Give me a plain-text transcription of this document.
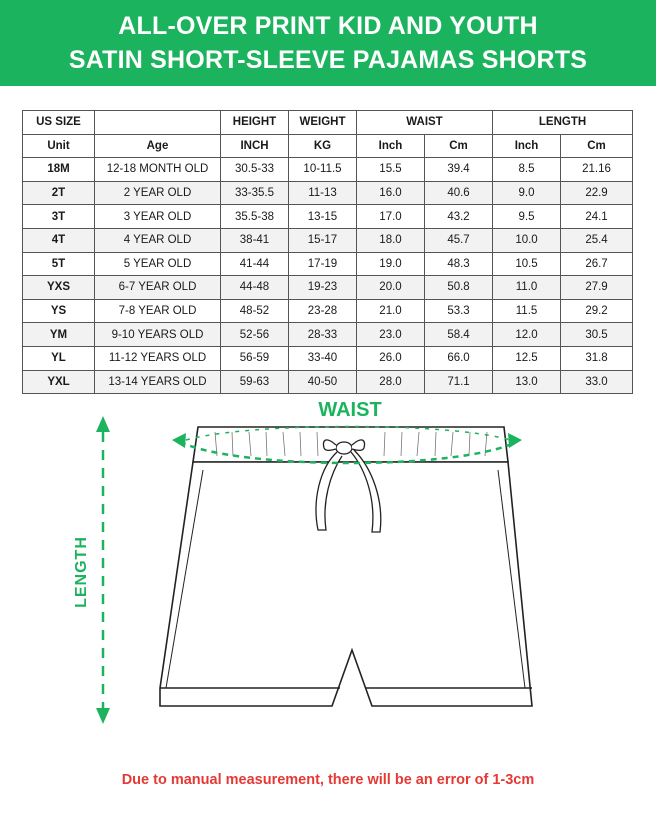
ALL-OVER PRINT KID AND YOUTH
SATIN SHORT-SLEEVE PAJAMAS SHORTS
US SIZE		HEIGHT	WEIGHT	WAIST		LENGTH	
Unit	Age	INCH	KG	Inch	Cm	Inch	Cm
18M	12-18 MONTH OLD	30.5-33	10-11.5	15.5	39.4	8.5	21.16
2T	2 YEAR OLD	33-35.5	11-13	16.0	40.6	9.0	22.9
3T	3 YEAR OLD	35.5-38	13-15	17.0	43.2	9.5	24.1
4T	4 YEAR OLD	38-41	15-17	18.0	45.7	10.0	25.4
5T	5 YEAR OLD	41-44	17-19	19.0	48.3	10.5	26.7
YXS	6-7 YEAR OLD	44-48	19-23	20.0	50.8	11.0	27.9
YS	7-8 YEAR OLD	48-52	23-28	21.0	53.3	11.5	29.2
YM	9-10 YEARS OLD	52-56	28-33	23.0	58.4	12.0	30.5
YL	11-12 YEARS OLD	56-59	33-40	26.0	66.0	12.5	31.8
YXL	13-14 YEARS OLD	59-63	40-50	28.0	71.1	13.0	33.0
WAIST
LENGTH
Due to manual measurement, there will be an error of 1-3cm
